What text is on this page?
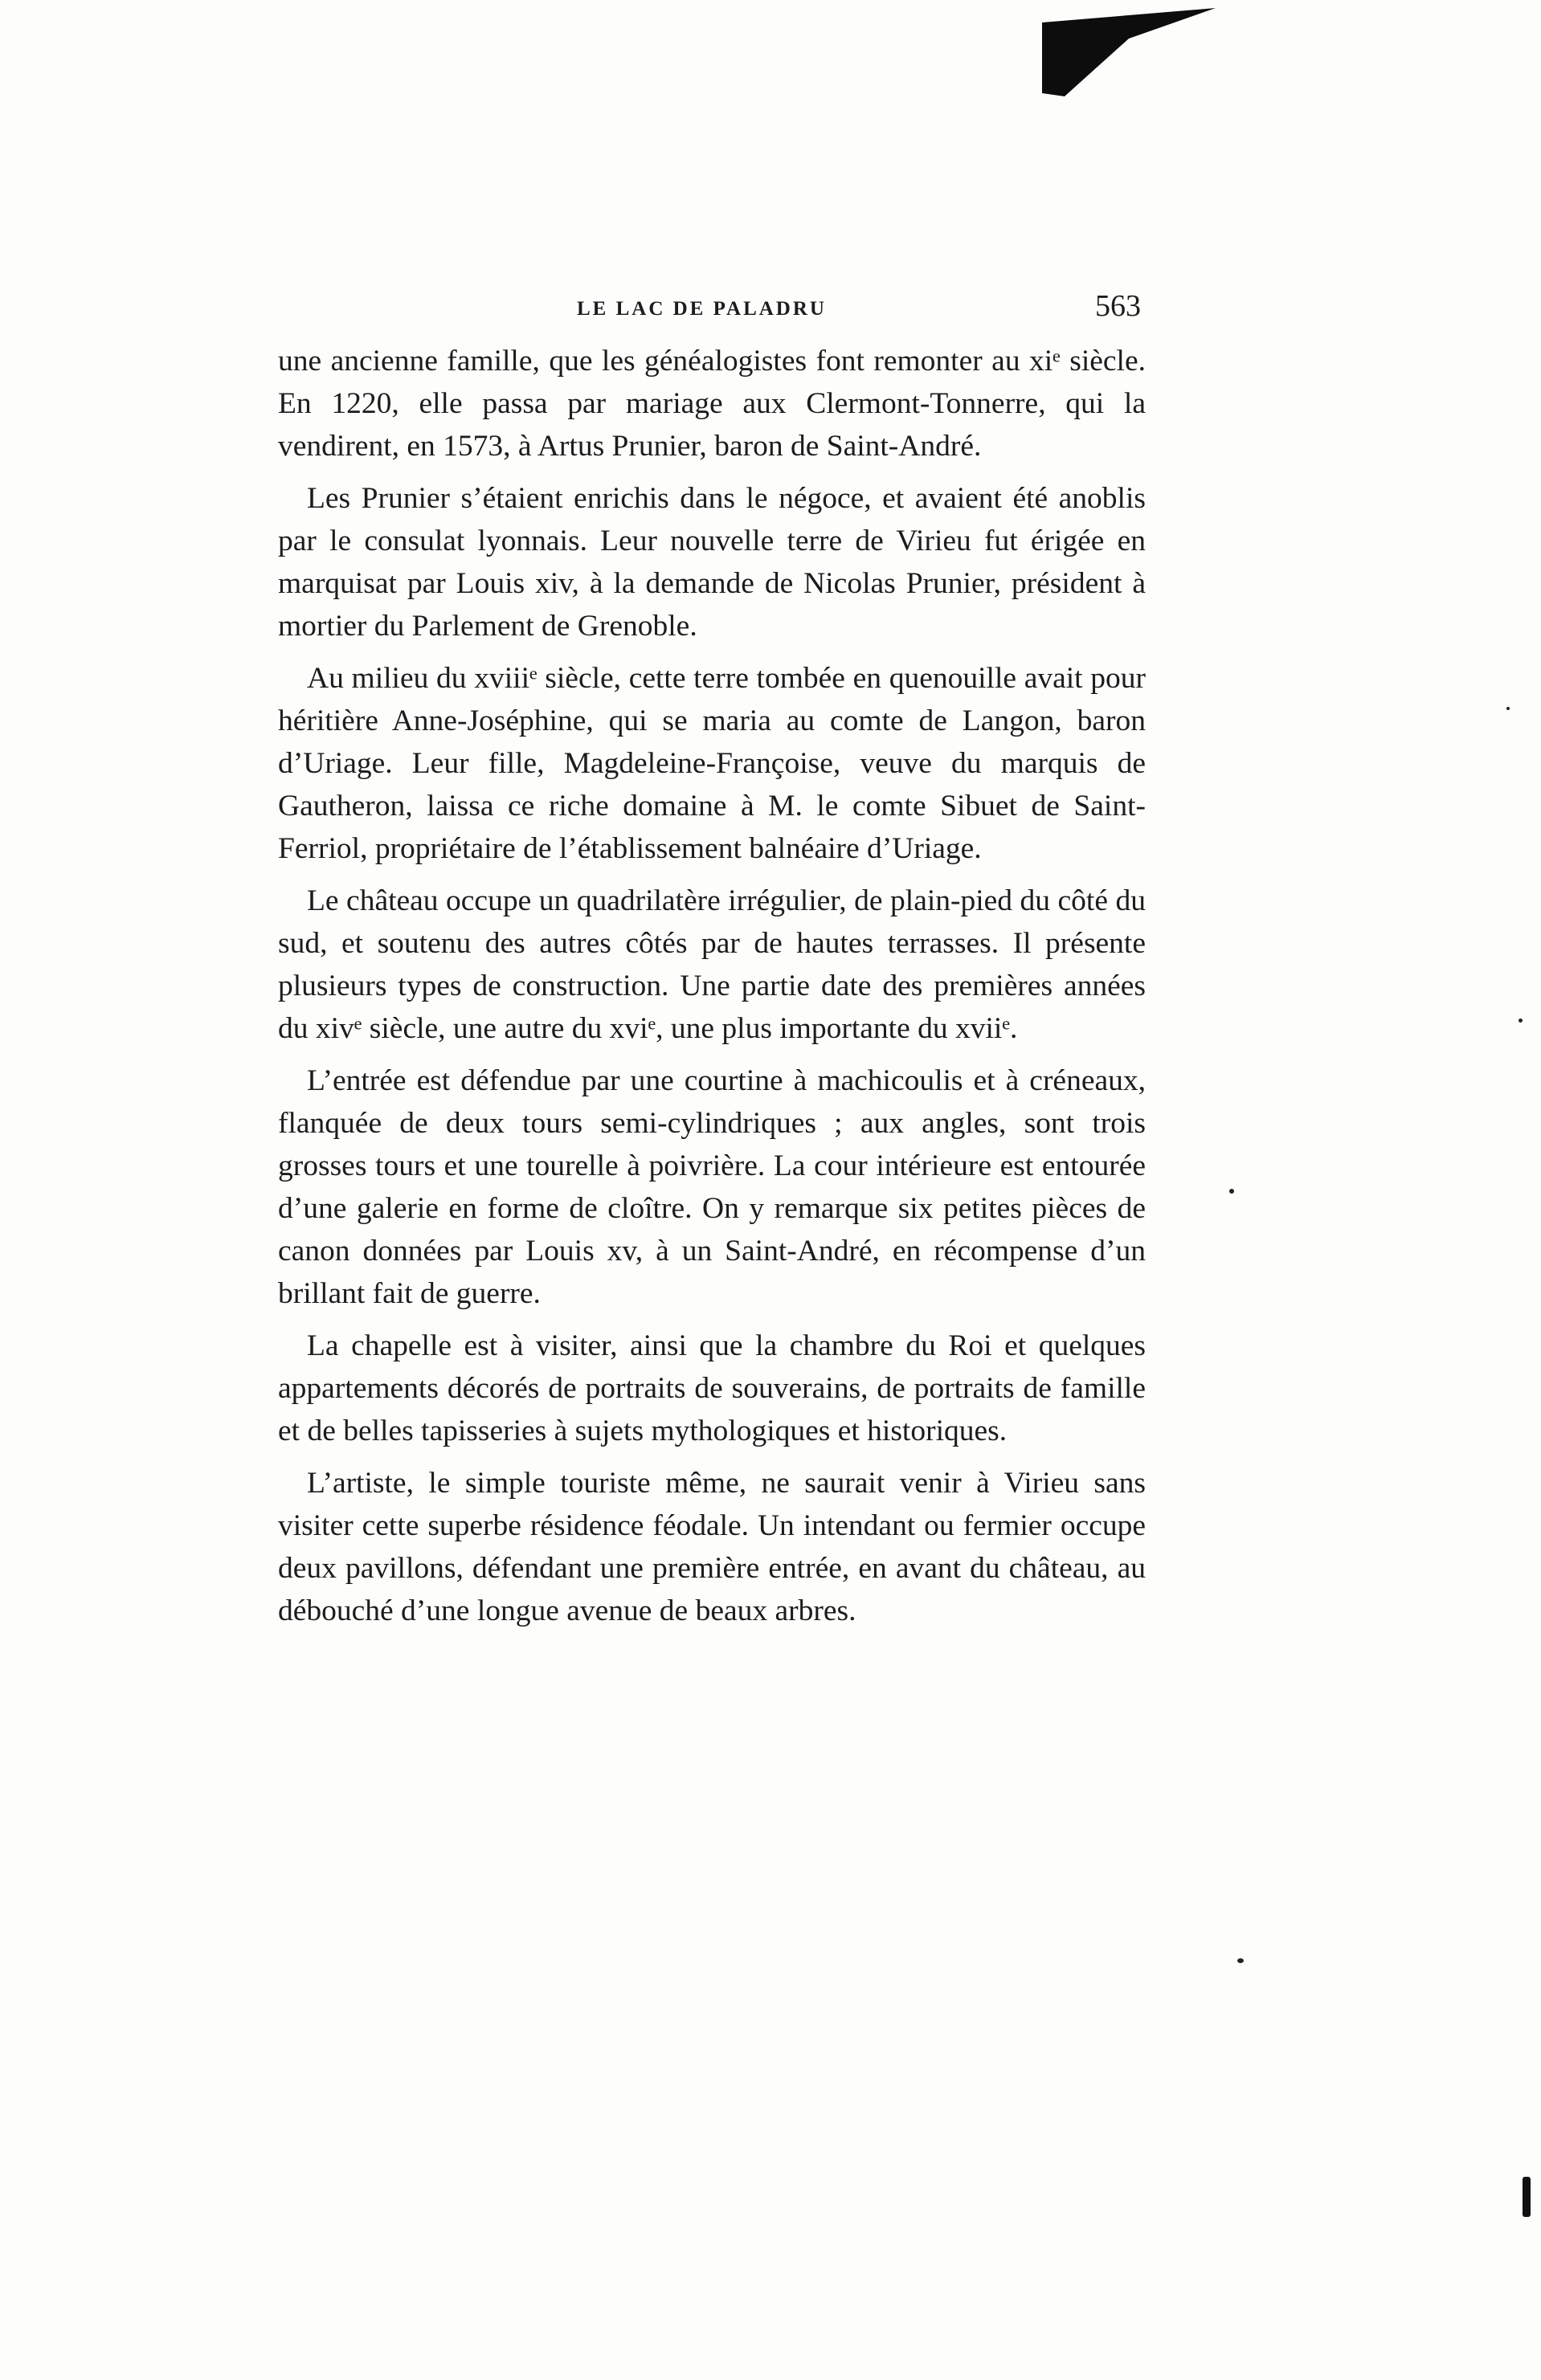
LE LAC DE PALADRU	563

une ancienne famille, que les généalogistes font remonter au xiᵉ siècle. En 1220, elle passa par mariage aux Clermont-Tonnerre, qui la vendirent, en 1573, à Artus Prunier, baron de Saint-André.

Les Prunier s’étaient enrichis dans le négoce, et avaient été anoblis par le consulat lyonnais. Leur nouvelle terre de Virieu fut érigée en marquisat par Louis xiv, à la demande de Nicolas Prunier, président à mortier du Parlement de Grenoble.

Au milieu du xviiiᵉ siècle, cette terre tombée en quenouille avait pour héritière Anne-Joséphine, qui se maria au comte de Langon, baron d’Uriage. Leur fille, Magdeleine-Françoise, veuve du marquis de Gautheron, laissa ce riche domaine à M. le comte Sibuet de Saint-Ferriol, propriétaire de l’établissement balnéaire d’Uriage.

Le château occupe un quadrilatère irrégulier, de plain-pied du côté du sud, et soutenu des autres côtés par de hautes terrasses. Il présente plusieurs types de construction. Une partie date des premières années du xivᵉ siècle, une autre du xviᵉ, une plus importante du xviiᵉ.

L’entrée est défendue par une courtine à machicoulis et à créneaux, flanquée de deux tours semi-cylindriques ; aux angles, sont trois grosses tours et une tourelle à poivrière. La cour intérieure est entourée d’une galerie en forme de cloître. On y remarque six petites pièces de canon données par Louis xv, à un Saint-André, en récompense d’un brillant fait de guerre.

La chapelle est à visiter, ainsi que la chambre du Roi et quelques appartements décorés de portraits de souverains, de portraits de famille et de belles tapisseries à sujets mythologiques et historiques.

L’artiste, le simple touriste même, ne saurait venir à Virieu sans visiter cette superbe résidence féodale. Un intendant ou fermier occupe deux pavillons, défendant une première entrée, en avant du château, au débouché d’une longue avenue de beaux arbres.
